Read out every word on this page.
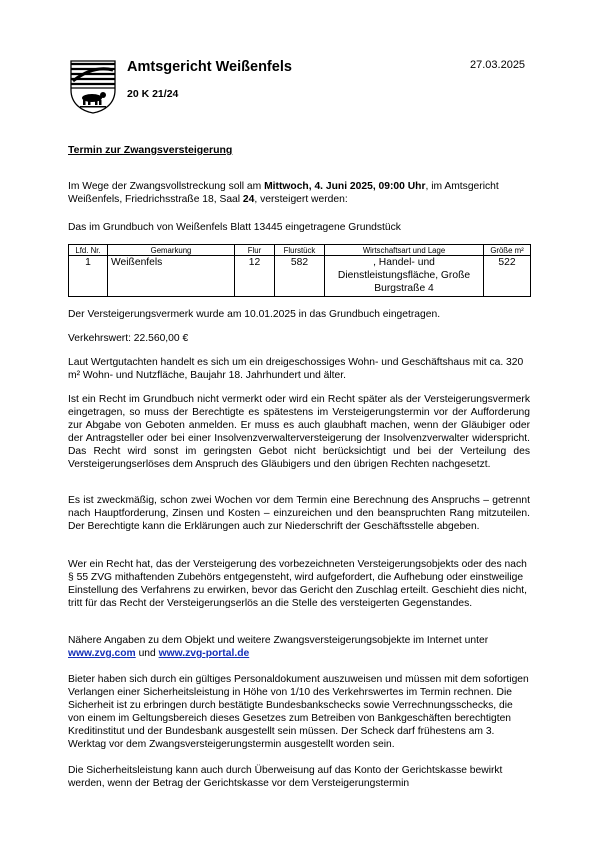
Amtsgericht Weißenfels
20 K 21/24
27.03.2025
Termin zur Zwangsversteigerung
Im Wege der Zwangsvollstreckung soll am Mittwoch, 4. Juni 2025, 09:00 Uhr, im Amtsgericht Weißenfels, Friedrichsstraße 18, Saal 24, versteigert werden:
Das im Grundbuch von Weißenfels Blatt 13445 eingetragene Grundstück
Lfd. Nr.	Gemarkung	Flur	Flurstück	Wirtschaftsart und Lage	Größe m²
1	Weißenfels	12	582	, Handel- und Dienstleistungsfläche, Große Burgstraße 4	522
Der Versteigerungsvermerk wurde am 10.01.2025 in das Grundbuch eingetragen.
Verkehrswert: 22.560,00 €
Laut Wertgutachten handelt es sich um ein dreigeschossiges Wohn- und Geschäftshaus mit ca. 320 m² Wohn- und Nutzfläche, Baujahr 18. Jahrhundert und älter.
Ist ein Recht im Grundbuch nicht vermerkt oder wird ein Recht später als der Versteigerungsvermerk eingetragen, so muss der Berechtigte es spätestens im Versteigerungstermin vor der Aufforderung zur Abgabe von Geboten anmelden. Er muss es auch glaubhaft machen, wenn der Gläubiger oder der Antragsteller oder bei einer Insolvenzverwalterversteigerung der Insolvenzverwalter widerspricht. Das Recht wird sonst im geringsten Gebot nicht berücksichtigt und bei der Verteilung des Versteigerungserlöses dem Anspruch des Gläubigers und den übrigen Rechten nachgesetzt.
Es ist zweckmäßig, schon zwei Wochen vor dem Termin eine Berechnung des Anspruchs – getrennt nach Hauptforderung, Zinsen und Kosten – einzureichen und den beanspruchten Rang mitzuteilen. Der Berechtigte kann die Erklärungen auch zur Niederschrift der Geschäftsstelle abgeben.
Wer ein Recht hat, das der Versteigerung des vorbezeichneten Versteigerungsobjekts oder des nach § 55 ZVG mithaftenden Zubehörs entgegensteht, wird aufgefordert, die Aufhebung oder einstweilige Einstellung des Verfahrens zu erwirken, bevor das Gericht den Zuschlag erteilt. Geschieht dies nicht, tritt für das Recht der Versteigerungserlös an die Stelle des versteigerten Gegenstandes.
Nähere Angaben zu dem Objekt und weitere Zwangsversteigerungsobjekte im Internet unter
www.zvg.com und www.zvg-portal.de
Bieter haben sich durch ein gültiges Personaldokument auszuweisen und müssen mit dem sofortigen Verlangen einer Sicherheitsleistung in Höhe von 1/10 des Verkehrswertes im Termin rechnen. Die Sicherheit ist zu erbringen durch bestätigte Bundesbankschecks sowie Verrechnungsschecks, die von einem im Geltungsbereich dieses Gesetzes zum Betreiben von Bankgeschäften berechtigten Kreditinstitut und der Bundesbank ausgestellt sein müssen. Der Scheck darf frühestens am 3. Werktag vor dem Zwangsversteigerungstermin ausgestellt worden sein.
Die Sicherheitsleistung kann auch durch Überweisung auf das Konto der Gerichtskasse bewirkt werden, wenn der Betrag der Gerichtskasse vor dem Versteigerungstermin
